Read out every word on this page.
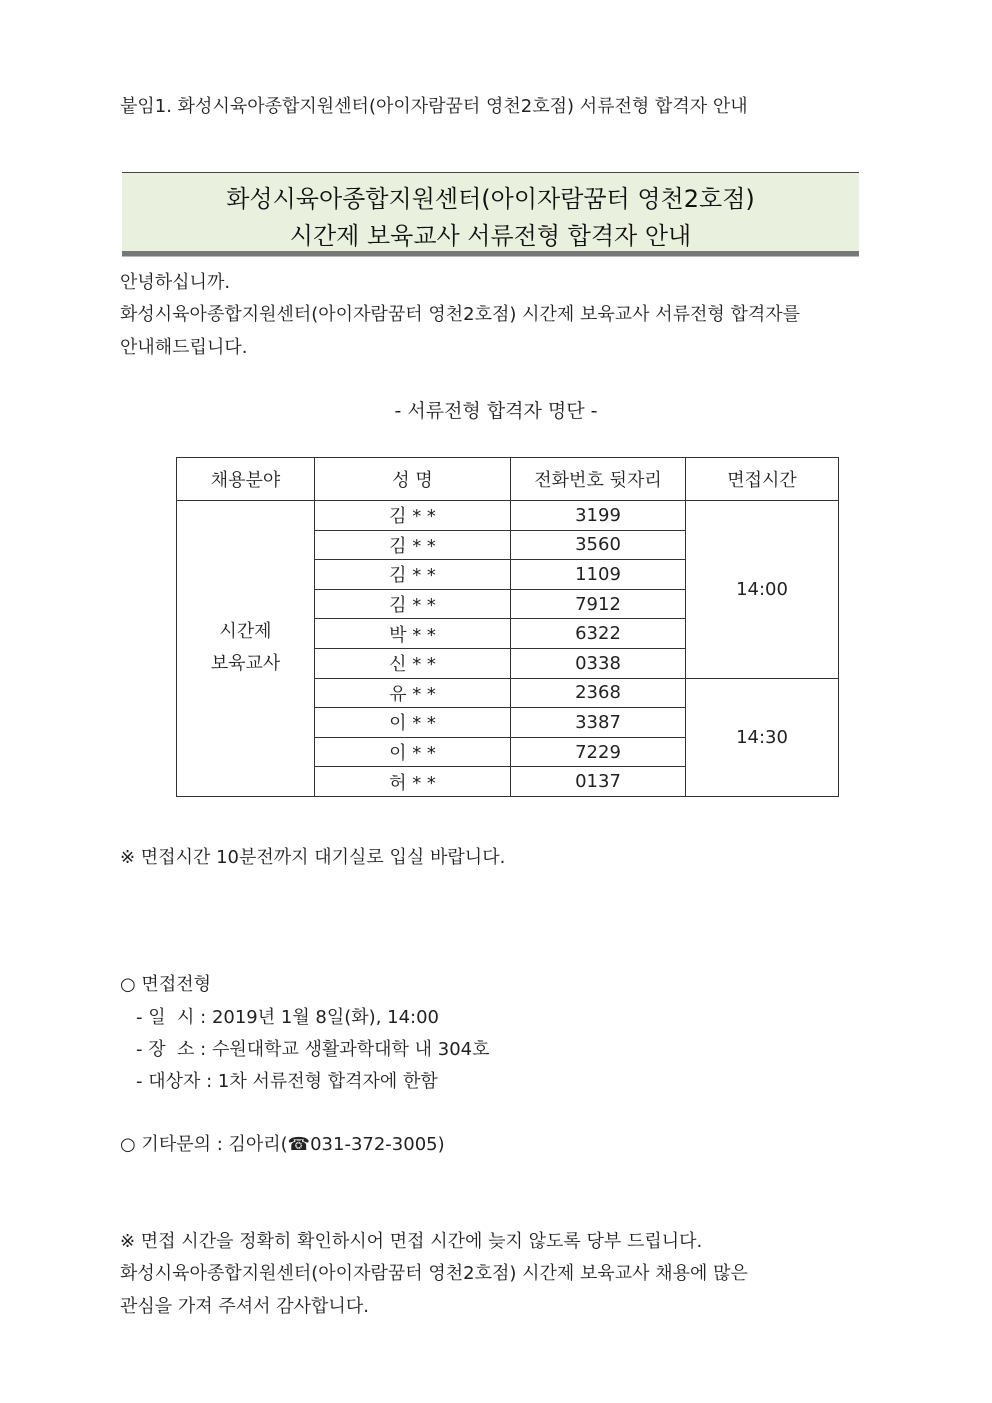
붙임1. 화성시육아종합지원센터(아이자람꿈터 영천2호점) 서류전형 합격자 안내
화성시육아종합지원센터(아이자람꿈터 영천2호점)
시간제 보육교사 서류전형 합격자 안내
안녕하십니까.
화성시육아종합지원센터(아이자람꿈터 영천2호점) 시간제 보육교사 서류전형 합격자를
안내해드립니다.
- 서류전형 합격자 명단 -
채용분야	성 명	전화번호 뒷자리	면접시간
시간제
보육교사	김 * *	3199	14:00
	김 * *	3560	
	김 * *	1109	
	김 * *	7912	
	박 * *	6322	
	신 * *	0338	
	유 * *	2368	14:30
	이 * *	3387	
	이 * *	7229	
	허 * *	0137	
※ 면접시간 10분전까지 대기실로 입실 바랍니다.
○ 면접전형
- 일  시 : 2019년 1월 8일(화), 14:00
- 장  소 : 수원대학교 생활과학대학 내 304호
- 대상자 : 1차 서류전형 합격자에 한함
○ 기타문의 : 김아리(☎031-372-3005)
※ 면접 시간을 정확히 확인하시어 면접 시간에 늦지 않도록 당부 드립니다.
화성시육아종합지원센터(아이자람꿈터 영천2호점) 시간제 보육교사 채용에 많은
관심을 가져 주셔서 감사합니다.
